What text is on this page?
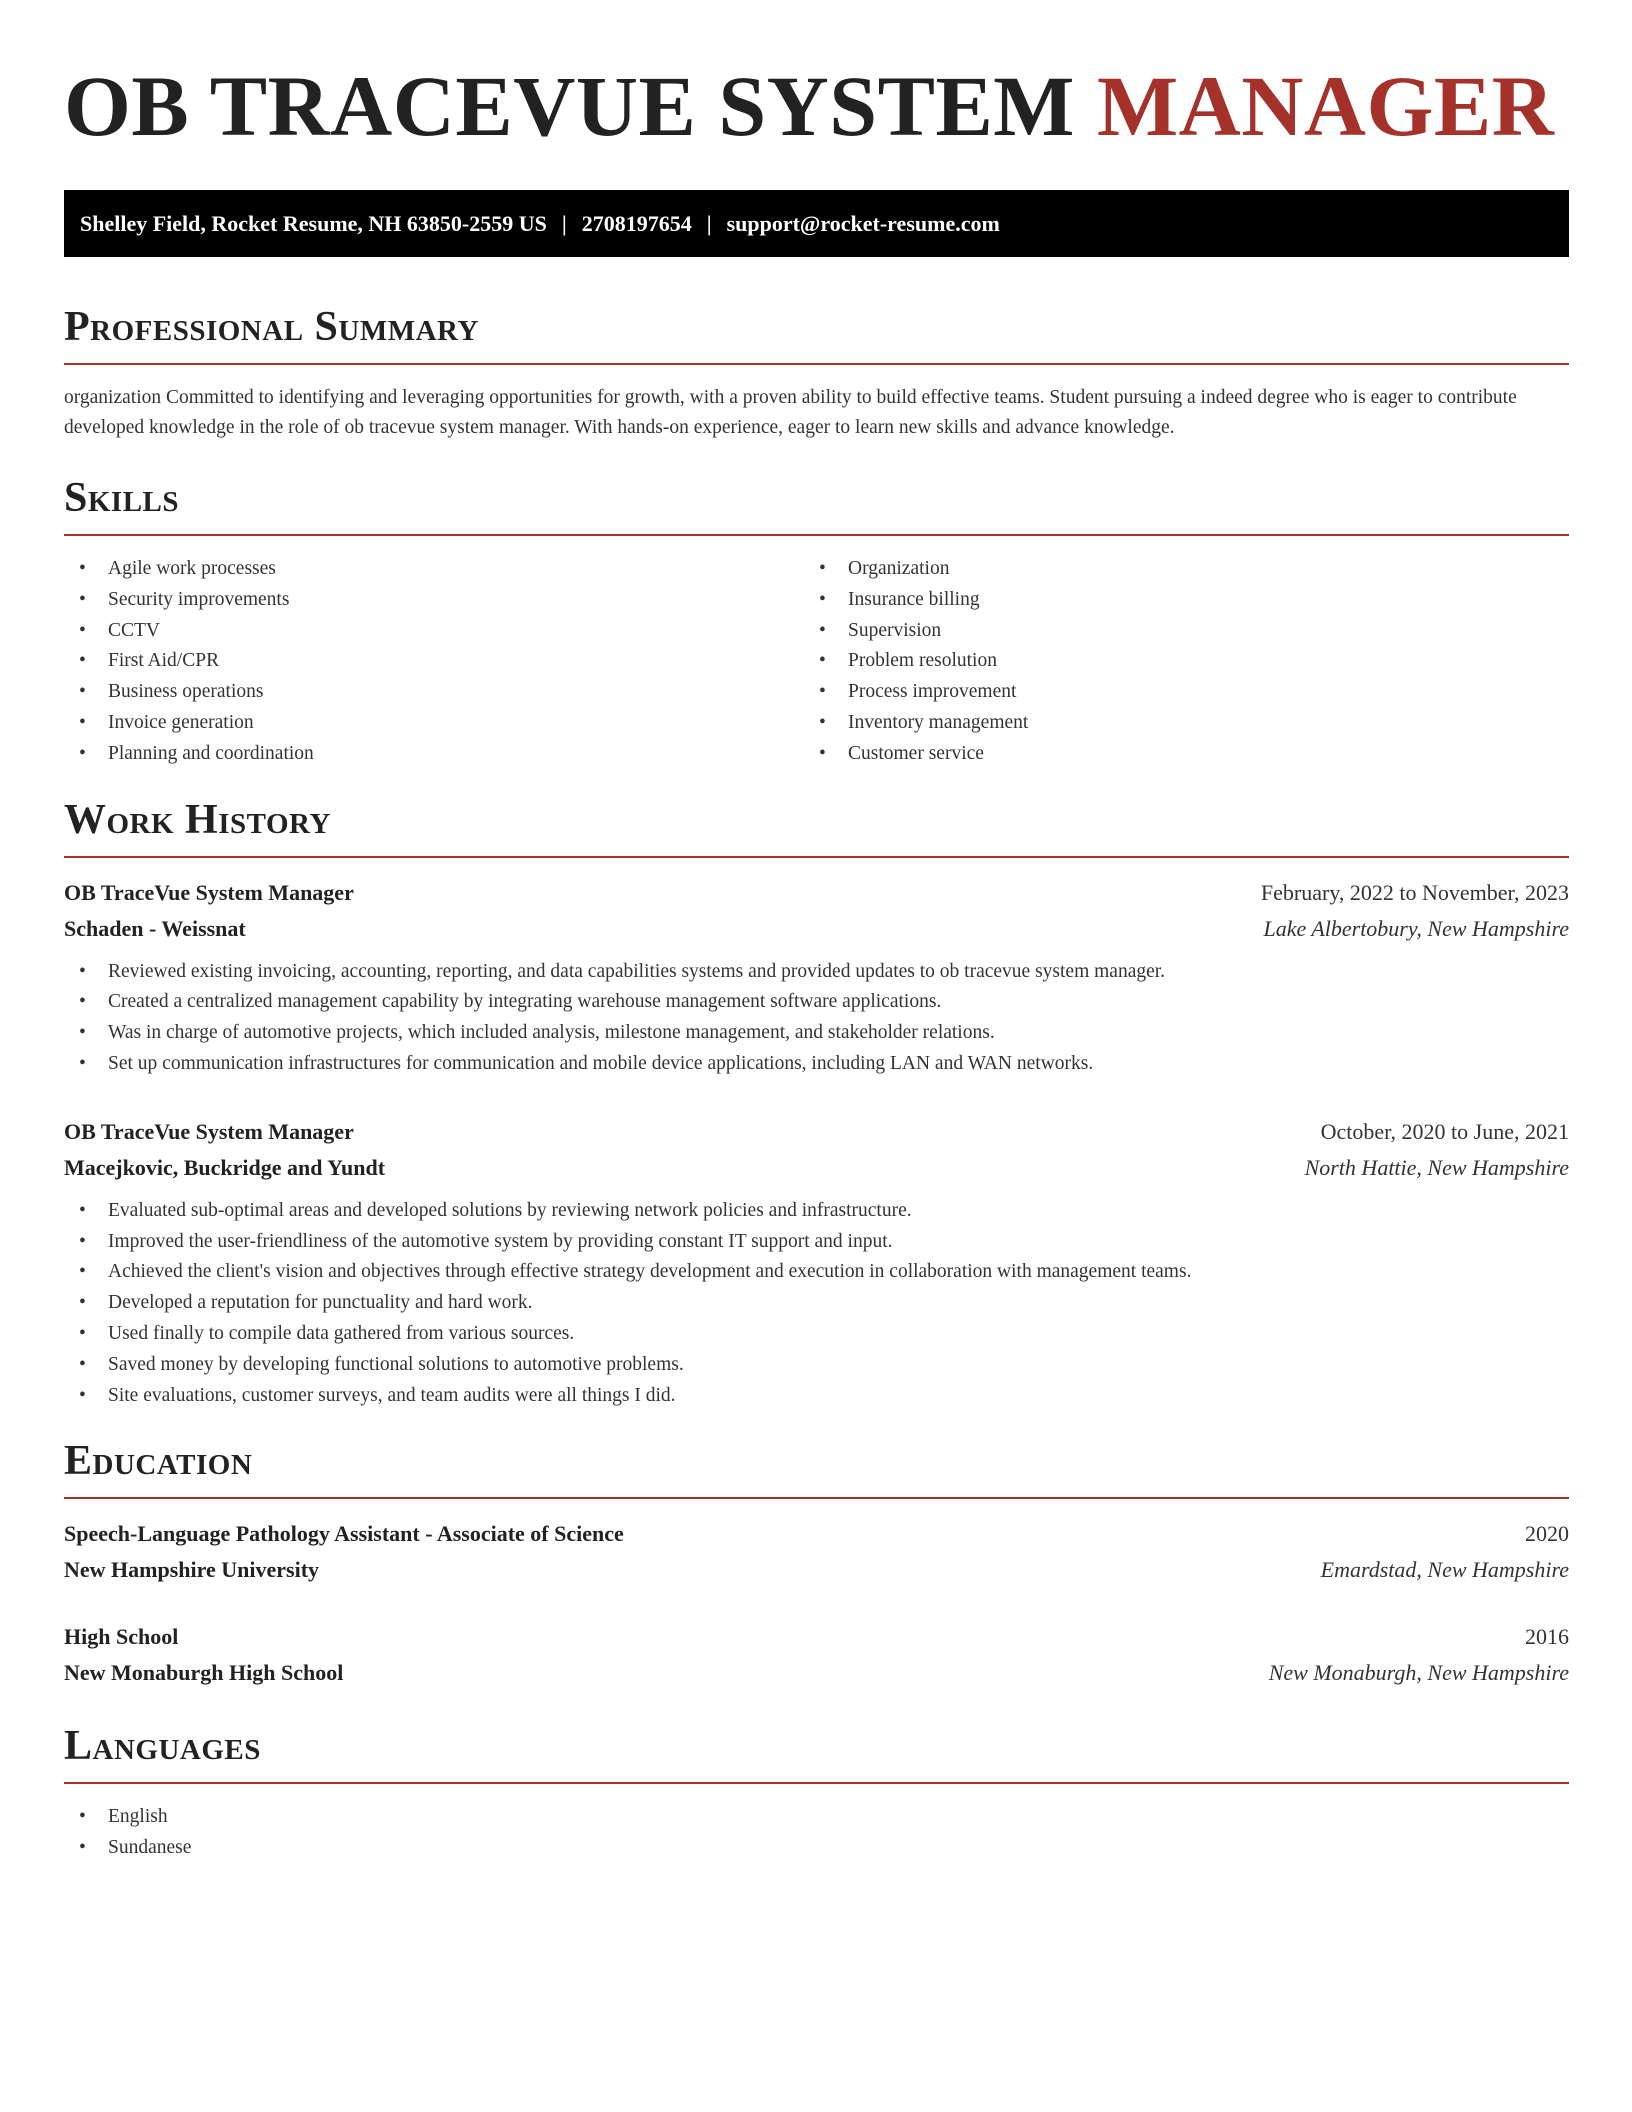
OB TRACEVUE SYSTEM MANAGER
Shelley Field, Rocket Resume, NH 63850-2559 US | 2708197654 | support@rocket-resume.com
Professional Summary

organization Committed to identifying and leveraging opportunities for growth, with a proven ability to build effective teams. Student pursuing a indeed degree who is eager to contribute developed knowledge in the role of ob tracevue system manager. With hands-on experience, eager to learn new skills and advance knowledge.

Skills
• Agile work processes
• Security improvements
• CCTV
• First Aid/CPR
• Business operations
• Invoice generation
• Planning and coordination
• Organization
• Insurance billing
• Supervision
• Problem resolution
• Process improvement
• Inventory management
• Customer service
Work History
OB TraceVue System Manager	February, 2022 to November, 2023
Schaden - Weissnat	Lake Albertobury, New Hampshire
• Reviewed existing invoicing, accounting, reporting, and data capabilities systems and provided updates to ob tracevue system manager.
• Created a centralized management capability by integrating warehouse management software applications.
• Was in charge of automotive projects, which included analysis, milestone management, and stakeholder relations.
• Set up communication infrastructures for communication and mobile device applications, including LAN and WAN networks.
OB TraceVue System Manager	October, 2020 to June, 2021
Macejkovic, Buckridge and Yundt	North Hattie, New Hampshire
• Evaluated sub-optimal areas and developed solutions by reviewing network policies and infrastructure.
• Improved the user-friendliness of the automotive system by providing constant IT support and input.
• Achieved the client's vision and objectives through effective strategy development and execution in collaboration with management teams.
• Developed a reputation for punctuality and hard work.
• Used finally to compile data gathered from various sources.
• Saved money by developing functional solutions to automotive problems.
• Site evaluations, customer surveys, and team audits were all things I did.
Education
Speech-Language Pathology Assistant - Associate of Science	2020
New Hampshire University	Emardstad, New Hampshire
High School	2016
New Monaburgh High School	New Monaburgh, New Hampshire
Languages
• English
• Sundanese
